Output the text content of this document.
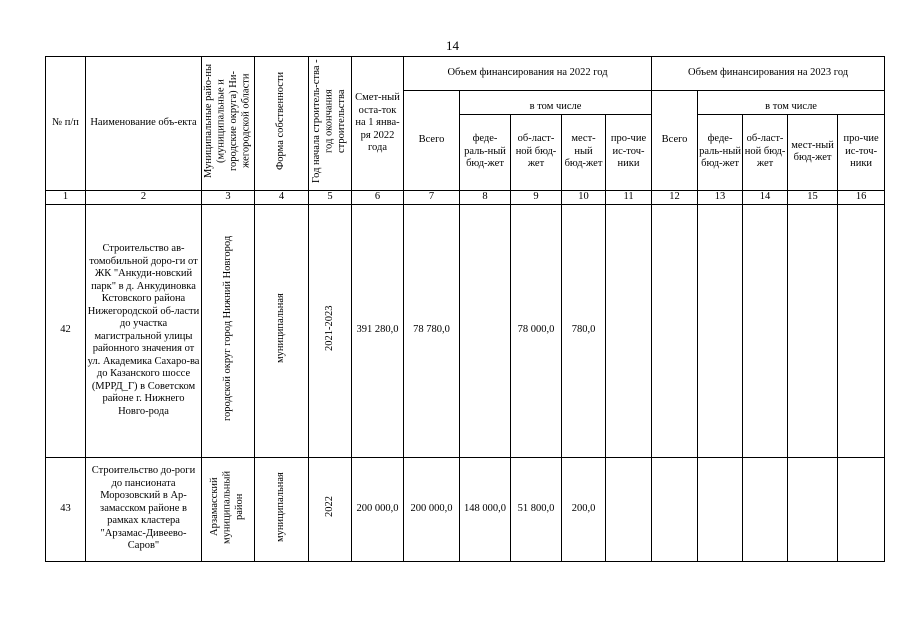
14
№ п/п	Наименование объ-екта	Муниципальные райо-ны (муниципальные и городские округа) Ни-жегородской области	Форма собственности	Год начала строитель-ства - год окончания строительства	Смет-ный оста-ток на 1 янва-ря 2022 года	Объем финансирования на 2022 год					Объем финансирования на 2023 год				
						Всего	в том числе				Всего	в том числе			
							феде-раль-ный бюд-жет	об-ласт-ной бюд-жет	мест-ный бюд-жет	про-чие ис-точ-ники		феде-раль-ный бюд-жет	об-ласт-ной бюд-жет	мест-ный бюд-жет	про-чие ис-точ-ники
1	2	3	4	5	6	7	8	9	10	11	12	13	14	15	16
42	Строительство ав-томобильной доро-ги от ЖК "Анкуди-новский парк" в д. Анкудиновка Кстовского района Нижегородской об-ласти до участка магистральной улицы районного значения от ул. Академика Сахаро-ва до Казанского шоссе (МРРД_Г) в Советском районе г. Нижнего Новго-рода	городской округ город Нижний Новгород	муниципальная	2021-2023	391 280,0	78 780,0		78 000,0	780,0						
43	Строительство до-роги до пансионата Морозовский в Ар-замасском районе в рамках кластера "Арзамас-Дивеево-Саров"	Арзамасский муниципальный район	муниципальная	2022	200 000,0	200 000,0	148 000,0	51 800,0	200,0						
